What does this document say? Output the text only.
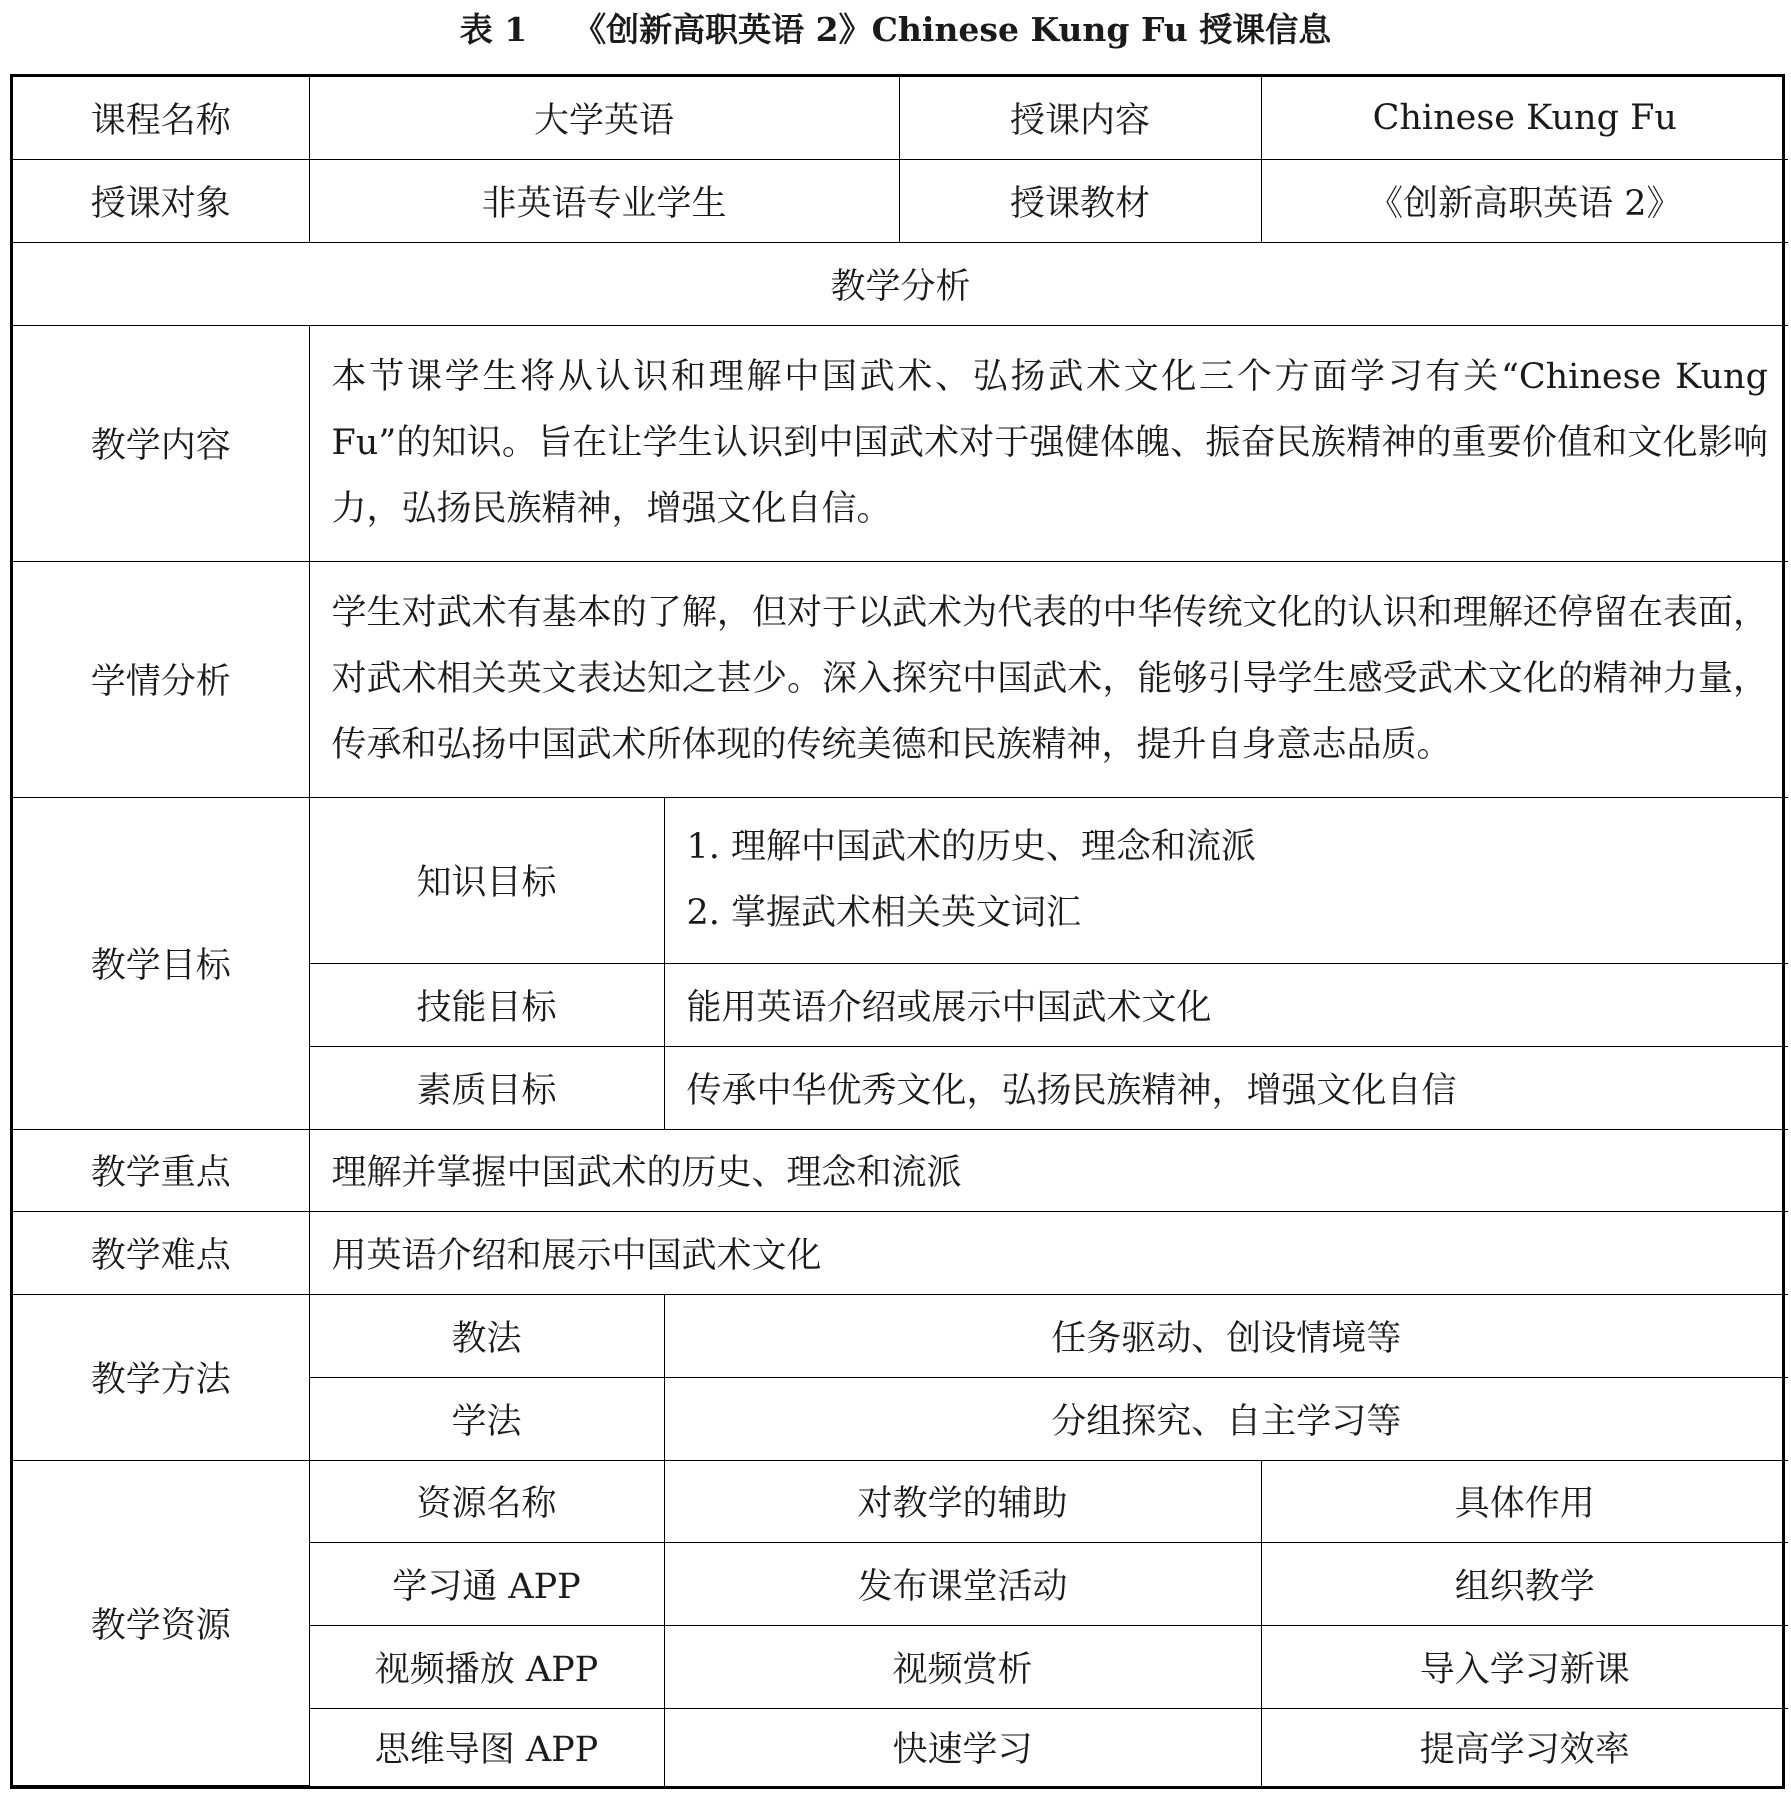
表 1 《创新高职英语 2》Chinese Kung Fu 授课信息
课程名称	大学英语		授课内容	Chinese Kung Fu
授课对象	非英语专业学生		授课教材	《创新高职英语 2》
教学分析				
教学内容	本节课学生将从认识和理解中国武术、弘扬武术文化三个方面学习有关“Chinese Kung Fu”的知识。旨在让学生认识到中国武术对于强健体魄、振奋民族精神的重要价值和文化影响力，弘扬民族精神，增强文化自信。			
学情分析	学生对武术有基本的了解，但对于以武术为代表的中华传统文化的认识和理解还停留在表面，对武术相关英文表达知之甚少。深入探究中国武术，能够引导学生感受武术文化的精神力量，传承和弘扬中国武术所体现的传统美德和民族精神，提升自身意志品质。			
教学目标	知识目标	1. 理解中国武术的历史、理念和流派
2. 掌握武术相关英文词汇		

	技能目标	能用英语介绍或展示中国武术文化		
	素质目标	传承中华优秀文化，弘扬民族精神，增强文化自信		
教学重点	理解并掌握中国武术的历史、理念和流派			
教学难点	用英语介绍和展示中国武术文化			
教学方法	教法	任务驱动、创设情境等		
	学法	分组探究、自主学习等		
教学资源	资源名称	对教学的辅助		具体作用
	学习通 APP	发布课堂活动		组织教学
	视频播放 APP	视频赏析		导入学习新课
	思维导图 APP	快速学习		提高学习效率
